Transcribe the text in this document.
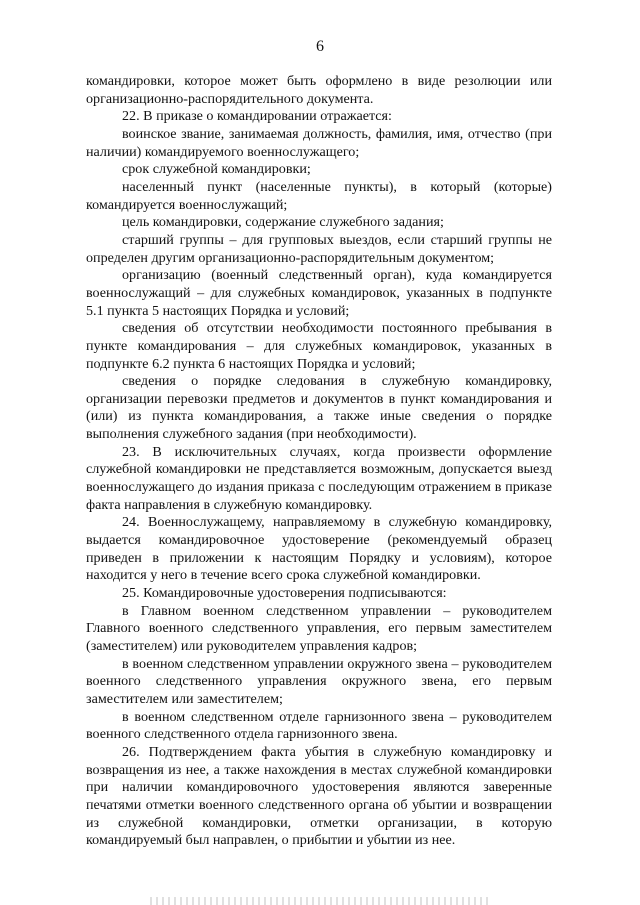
6

командировки, которое может быть оформлено в виде резолюции или организационно-распорядительного документа.

22. В приказе о командировании отражается:

воинское звание, занимаемая должность, фамилия, имя, отчество (при наличии) командируемого военнослужащего;

срок служебной командировки;

населенный пункт (населенные пункты), в который (которые) командируется военнослужащий;

цель командировки, содержание служебного задания;

старший группы – для групповых выездов, если старший группы не определен другим организационно-распорядительным документом;

организацию (военный следственный орган), куда командируется военнослужащий – для служебных командировок, указанных в подпункте 5.1 пункта 5 настоящих Порядка и условий;

сведения об отсутствии необходимости постоянного пребывания в пункте командирования – для служебных командировок, указанных в подпункте 6.2 пункта 6 настоящих Порядка и условий;

сведения о порядке следования в служебную командировку, организации перевозки предметов и документов в пункт командирования и (или) из пункта командирования, а также иные сведения о порядке выполнения служебного задания (при необходимости).

23. В исключительных случаях, когда произвести оформление служебной командировки не представляется возможным, допускается выезд военнослужащего до издания приказа с последующим отражением в приказе факта направления в служебную командировку.

24. Военнослужащему, направляемому в служебную командировку, выдается командировочное удостоверение (рекомендуемый образец приведен в приложении к настоящим Порядку и условиям), которое находится у него в течение всего срока служебной командировки.

25. Командировочные удостоверения подписываются:

в Главном военном следственном управлении – руководителем Главного военного следственного управления, его первым заместителем (заместителем) или руководителем управления кадров;

в военном следственном управлении окружного звена – руководителем военного следственного управления окружного звена, его первым заместителем или заместителем;

в военном следственном отделе гарнизонного звена – руководителем военного следственного отдела гарнизонного звена.

26. Подтверждением факта убытия в служебную командировку и возвращения из нее, а также нахождения в местах служебной командировки при наличии командировочного удостоверения являются заверенные печатями отметки военного следственного органа об убытии и возвращении из служебной командировки, отметки организации, в которую командируемый был направлен, о прибытии и убытии из нее.
